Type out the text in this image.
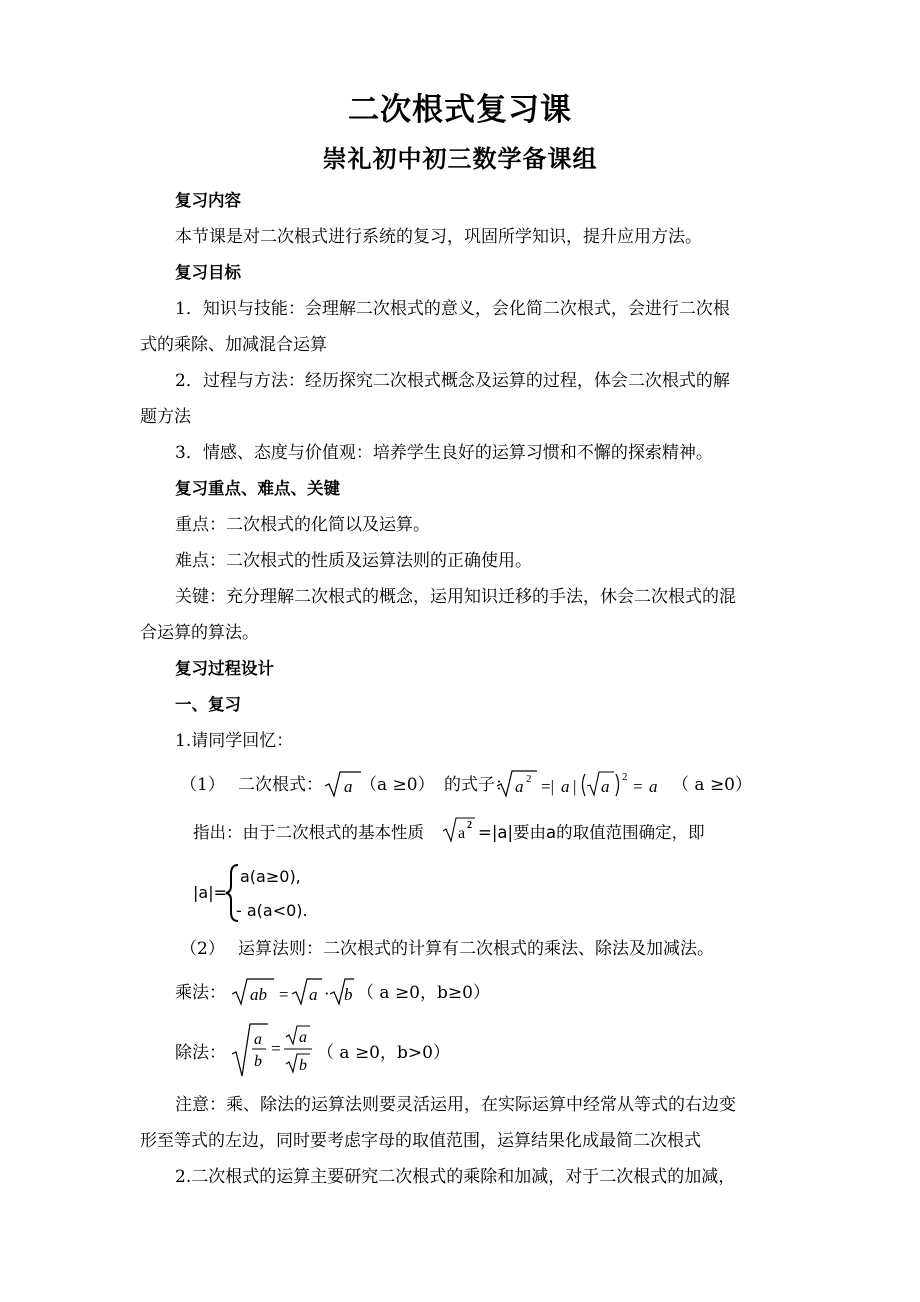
二次根式复习课
崇礼初中初三数学备课组
复习内容
本节课是对二次根式进行系统的复习，巩固所学知识，提升应用方法。
复习目标
1．知识与技能：会理解二次根式的意义，会化简二次根式，会进行二次根
式的乘除、加减混合运算
2．过程与方法：经历探究二次根式概念及运算的过程，体会二次根式的解
题方法
3．情感、态度与价值观：培养学生良好的运算习惯和不懈的探索精神。
复习重点、难点、关键
重点：二次根式的化简以及运算。
难点：二次根式的性质及运算法则的正确使用。
关键：充分理解二次根式的概念，运用知识迁移的手法，休会二次根式的混
合运算的算法。
复习过程设计
一、复习
1.请同学回忆：
（1） 二次根式： a （a ≥0） 的式子： a 2 =| a | a 2 = a （ a ≥0）
指出：由于二次根式的基本性质 a 2 =|a|要由a的取值范围确定，即
|a|=
a(a≥0),
- a(a<0).
（2） 运算法则：二次根式的计算有二次根式的乘法、除法及加减法。
乘法： ab = a · b （ a ≥0，b≥0）
除法：
a
b
=
a
b
（ a ≥0，b>0）
注意：乘、除法的运算法则要灵活运用，在实际运算中经常从等式的右边变
形至等式的左边，同时要考虑字母的取值范围，运算结果化成最简二次根式
2.二次根式的运算主要研究二次根式的乘除和加减，对于二次根式的加减，
